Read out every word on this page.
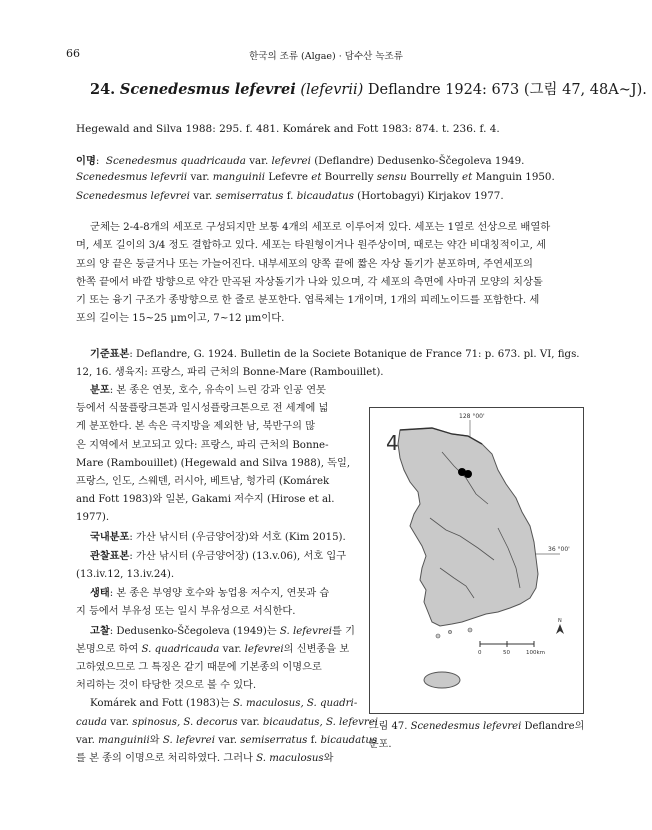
66	한국의 조류 (Algae) · 담수산 녹조류
24. Scenedesmus lefevrei (lefevrii) Deflandre 1924: 673 (그림 47, 48A~J).
Hegewald and Silva 1988: 295. f. 481. Komárek and Fott 1983: 874. t. 236. f. 4.
이명:  Scenedesmus quadricauda var. lefevrei (Deflandre) Dedusenko-Ščegoleva 1949.
Scenedesmus lefevrii var. manguinii Lefevre et Bourrelly sensu Bourrelly et Manguin 1950.
Scenedesmus lefevrei var. semiserratus f. bicaudatus (Hortobagyi) Kirjakov 1977.
군체는 2-4-8개의 세포로 구성되지만 보통 4개의 세포로 이루어져 있다. 세포는 1열로 선상으로 배열하
며, 세포 길이의 3/4 정도 결합하고 있다. 세포는 타원형이거나 원주상이며, 때로는 약간 비대칭적이고, 세
포의 양 끝은 둥글거나 또는 가늘어진다. 내부세포의 양쪽 끝에 짧은 자상 돌기가 분포하며, 주연세포의
한쪽 끝에서 바깥 방향으로 약간 만곡된 자상돌기가 나와 있으며, 각 세포의 측면에 사마귀 모양의 치상돌
기 또는 융기 구조가 종방향으로 한 줄로 분포한다. 엽록체는 1개이며, 1개의 피레노이드를 포함한다. 세
포의 길이는 15~25 μm이고, 7~12 μm이다.
기준표본: Deflandre, G. 1924. Bulletin de la Societe Botanique de France 71: p. 673. pl. VI, figs.
12, 16. 생육지: 프랑스, 파리 근처의 Bonne-Mare (Rambouillet).
분포: 본 종은 연못, 호수, 유속이 느린 강과 인공 연못
등에서 식물플랑크톤과 일시성플랑크톤으로 전 세계에 넓
게 분포한다. 본 속은 극지방을 제외한 남, 북반구의 많
은 지역에서 보고되고 있다: 프랑스, 파리 근처의 Bonne-
Mare (Rambouillet) (Hegewald and Silva 1988), 독일,
프랑스, 인도, 스웨덴, 러시아, 베트남, 헝가리 (Komárek
and Fott 1983)와 일본, Gakami 저수지 (Hirose et al.
1977).
국내분포: 가산 낚시터 (우금양어장)와 서호 (Kim 2015).
관찰표본: 가산 낚시터 (우금양어장) (13.v.06), 서호 입구
(13.iv.12, 13.iv.24).
생태: 본 종은 부영양 호수와 농업용 저수지, 연못과 습
지 등에서 부유성 또는 일시 부유성으로 서식한다.
고찰: Dedusenko-Ščegoleva (1949)는 S. lefevrei를 기
본명으로 하여 S. quadricauda var. lefevrei의 신변종을 보
고하였으므로 그 특징은 같기 때문에 기본종의 이명으로
처리하는 것이 타당한 것으로 볼 수 있다.
Komárek and Fott (1983)는 S. maculosus, S. quadri-
cauda var. spinosus, S. decorus var. bicaudatus, S. lefevrei
var. manguinii와 S. lefevrei var. semiserratus f. bicaudatus
를 본 종의 이명으로 처리하였다. 그러나 S. maculosus와
4
128 °00'
36 °00'
0	50	100km
N
그림 47. Scenedesmus lefevrei Deflandre의
분포.
